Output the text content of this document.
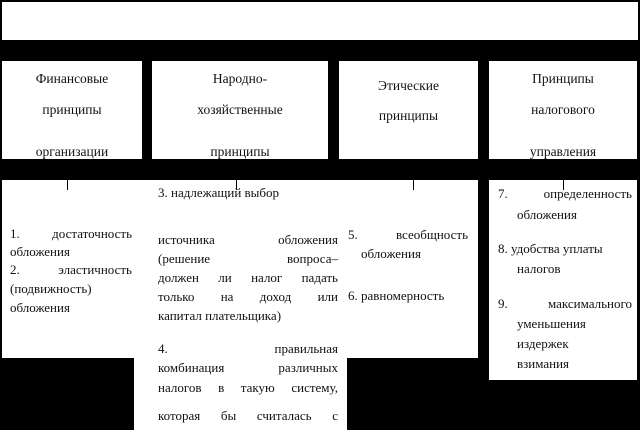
Финансовые
принципы
организации
Народно-
хозяйственные
принципы
Этические
принципы
Принципы
налогового
управления
1. достаточность
обложения
2. эластичность
(подвижность)
обложения
3. надлежащий выбор
источника обложения
(решение вопроса–
должен ли налог падать
только на доход или
капитал плательщика)
4. правильная
комбинация различных
налогов в такую систему,
которая бы считалась с
5. всеобщность
обложения
6. равномерность
7. определенность
обложения
8. удобства уплаты
налогов
9. максимального
уменьшения
издержек
взимания
